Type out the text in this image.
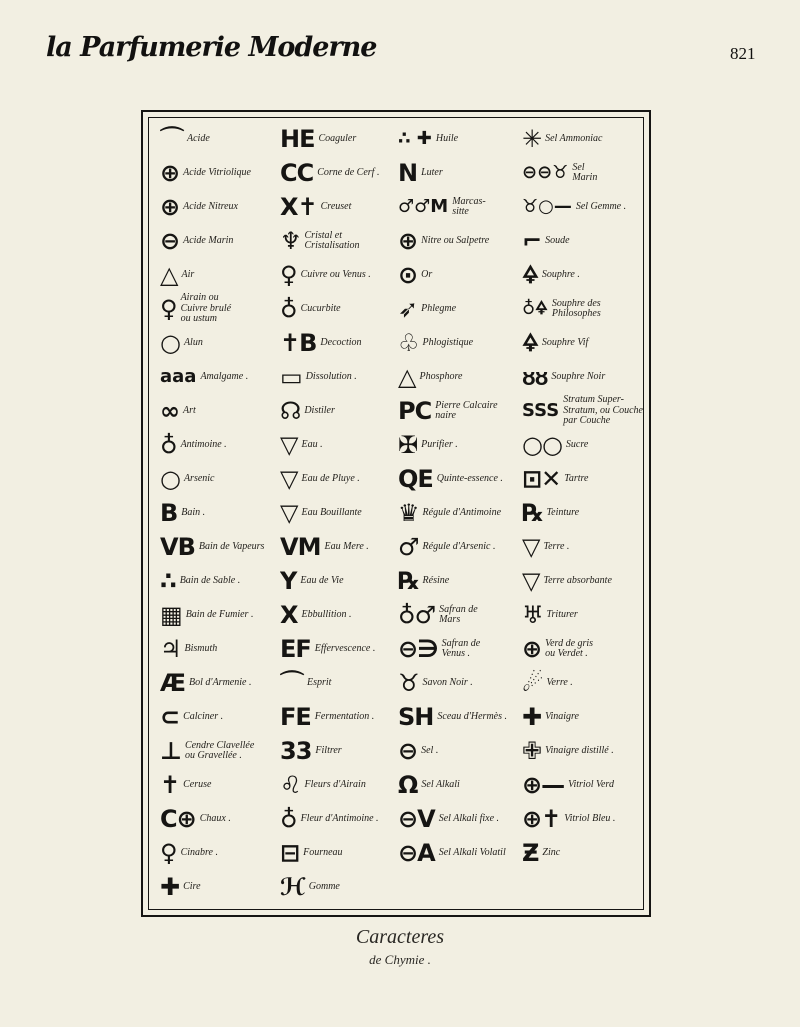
la Parfumerie Moderne	821
⌒ Acide
⊕ Acide Vitriolique
⊕ Acide Nitreux
⊖ Acide Marin
△ Air
♀ Airain ou
Cuivre brulé
ou ustum
○ Alun
aaa Amalgame .
∞ Art
♁ Antimoine .
○ Arsenic
B Bain .
VB Bain de Vapeurs
∴ Bain de Sable .
▦ Bain de Fumier .
♃ Bismuth
Æ Bol d'Armenie .
⊂ Calciner .
⊥ Cendre Clavellée
ou Gravellée .
✝ Ceruse
C⊕ Chaux .
♀ Cinabre .
✚ Cire
HE Coaguler
CC Corne de Cerf .
X✝ Creuset
♆ Cristal et
Cristalisation
♀ Cuivre ou Venus .
♁ Cucurbite
✝B Decoction
▭ Dissolution .
☊ Distiler
▽ Eau .
▽ Eau de Pluye .
▽ Eau Bouillante
VM Eau Mere .
Y Eau de Vie
X Ebbullition .
EF Effervescence .
⌒ Esprit
FE Fermentation .
33 Filtrer
♌ Fleurs d'Airain
♁ Fleur d'Antimoine .
⊟ Fourneau
ℋ Gomme
∴ ✚ Huile
N Luter
♂♂M Marcas-
sitte
⊕ Nitre ou Salpetre
⊙ Or
➶ Phlegme
♧ Phlogistique
△ Phosphore
PC Pierre Calcaire
naire
✠ Purifier .
QE Quinte-essence .
♛ Régule d'Antimoine
♂ Régule d'Arsenic .
℞ Résine
♁♂ Safran de
Mars
⊖∋ Safran de
Venus .
♉ Savon Noir .
SH Sceau d'Hermès .
⊖ Sel .
Ω Sel Alkali
⊖V Sel Alkali fixe .
⊖A Sel Alkali Volatil
✳ Sel Ammoniac
⊖⊖♉ Sel
Marin
♉○— Sel Gemme .
⌐ Soude
🜍 Souphre .
♁🜍 Souphre des
Philosophes
🜍 Souphre Vif
ᴕᴕ Souphre Noir
SSS
Stratum Super-
Stratum, ou Couche
par Couche
○○ Sucre
⊡✕ Tartre
℞ Teinture
▽ Terre .
▽ Terre absorbante
♅ Triturer
⊕ Verd de gris
ou Verdet .
☄ Verre .
✚ Vinaigre
✙ Vinaigre distillé .
⊕— Vitriol Verd
⊕✝ Vitriol Bleu .
Ƶ Zinc
Caracteres
de Chymie .
